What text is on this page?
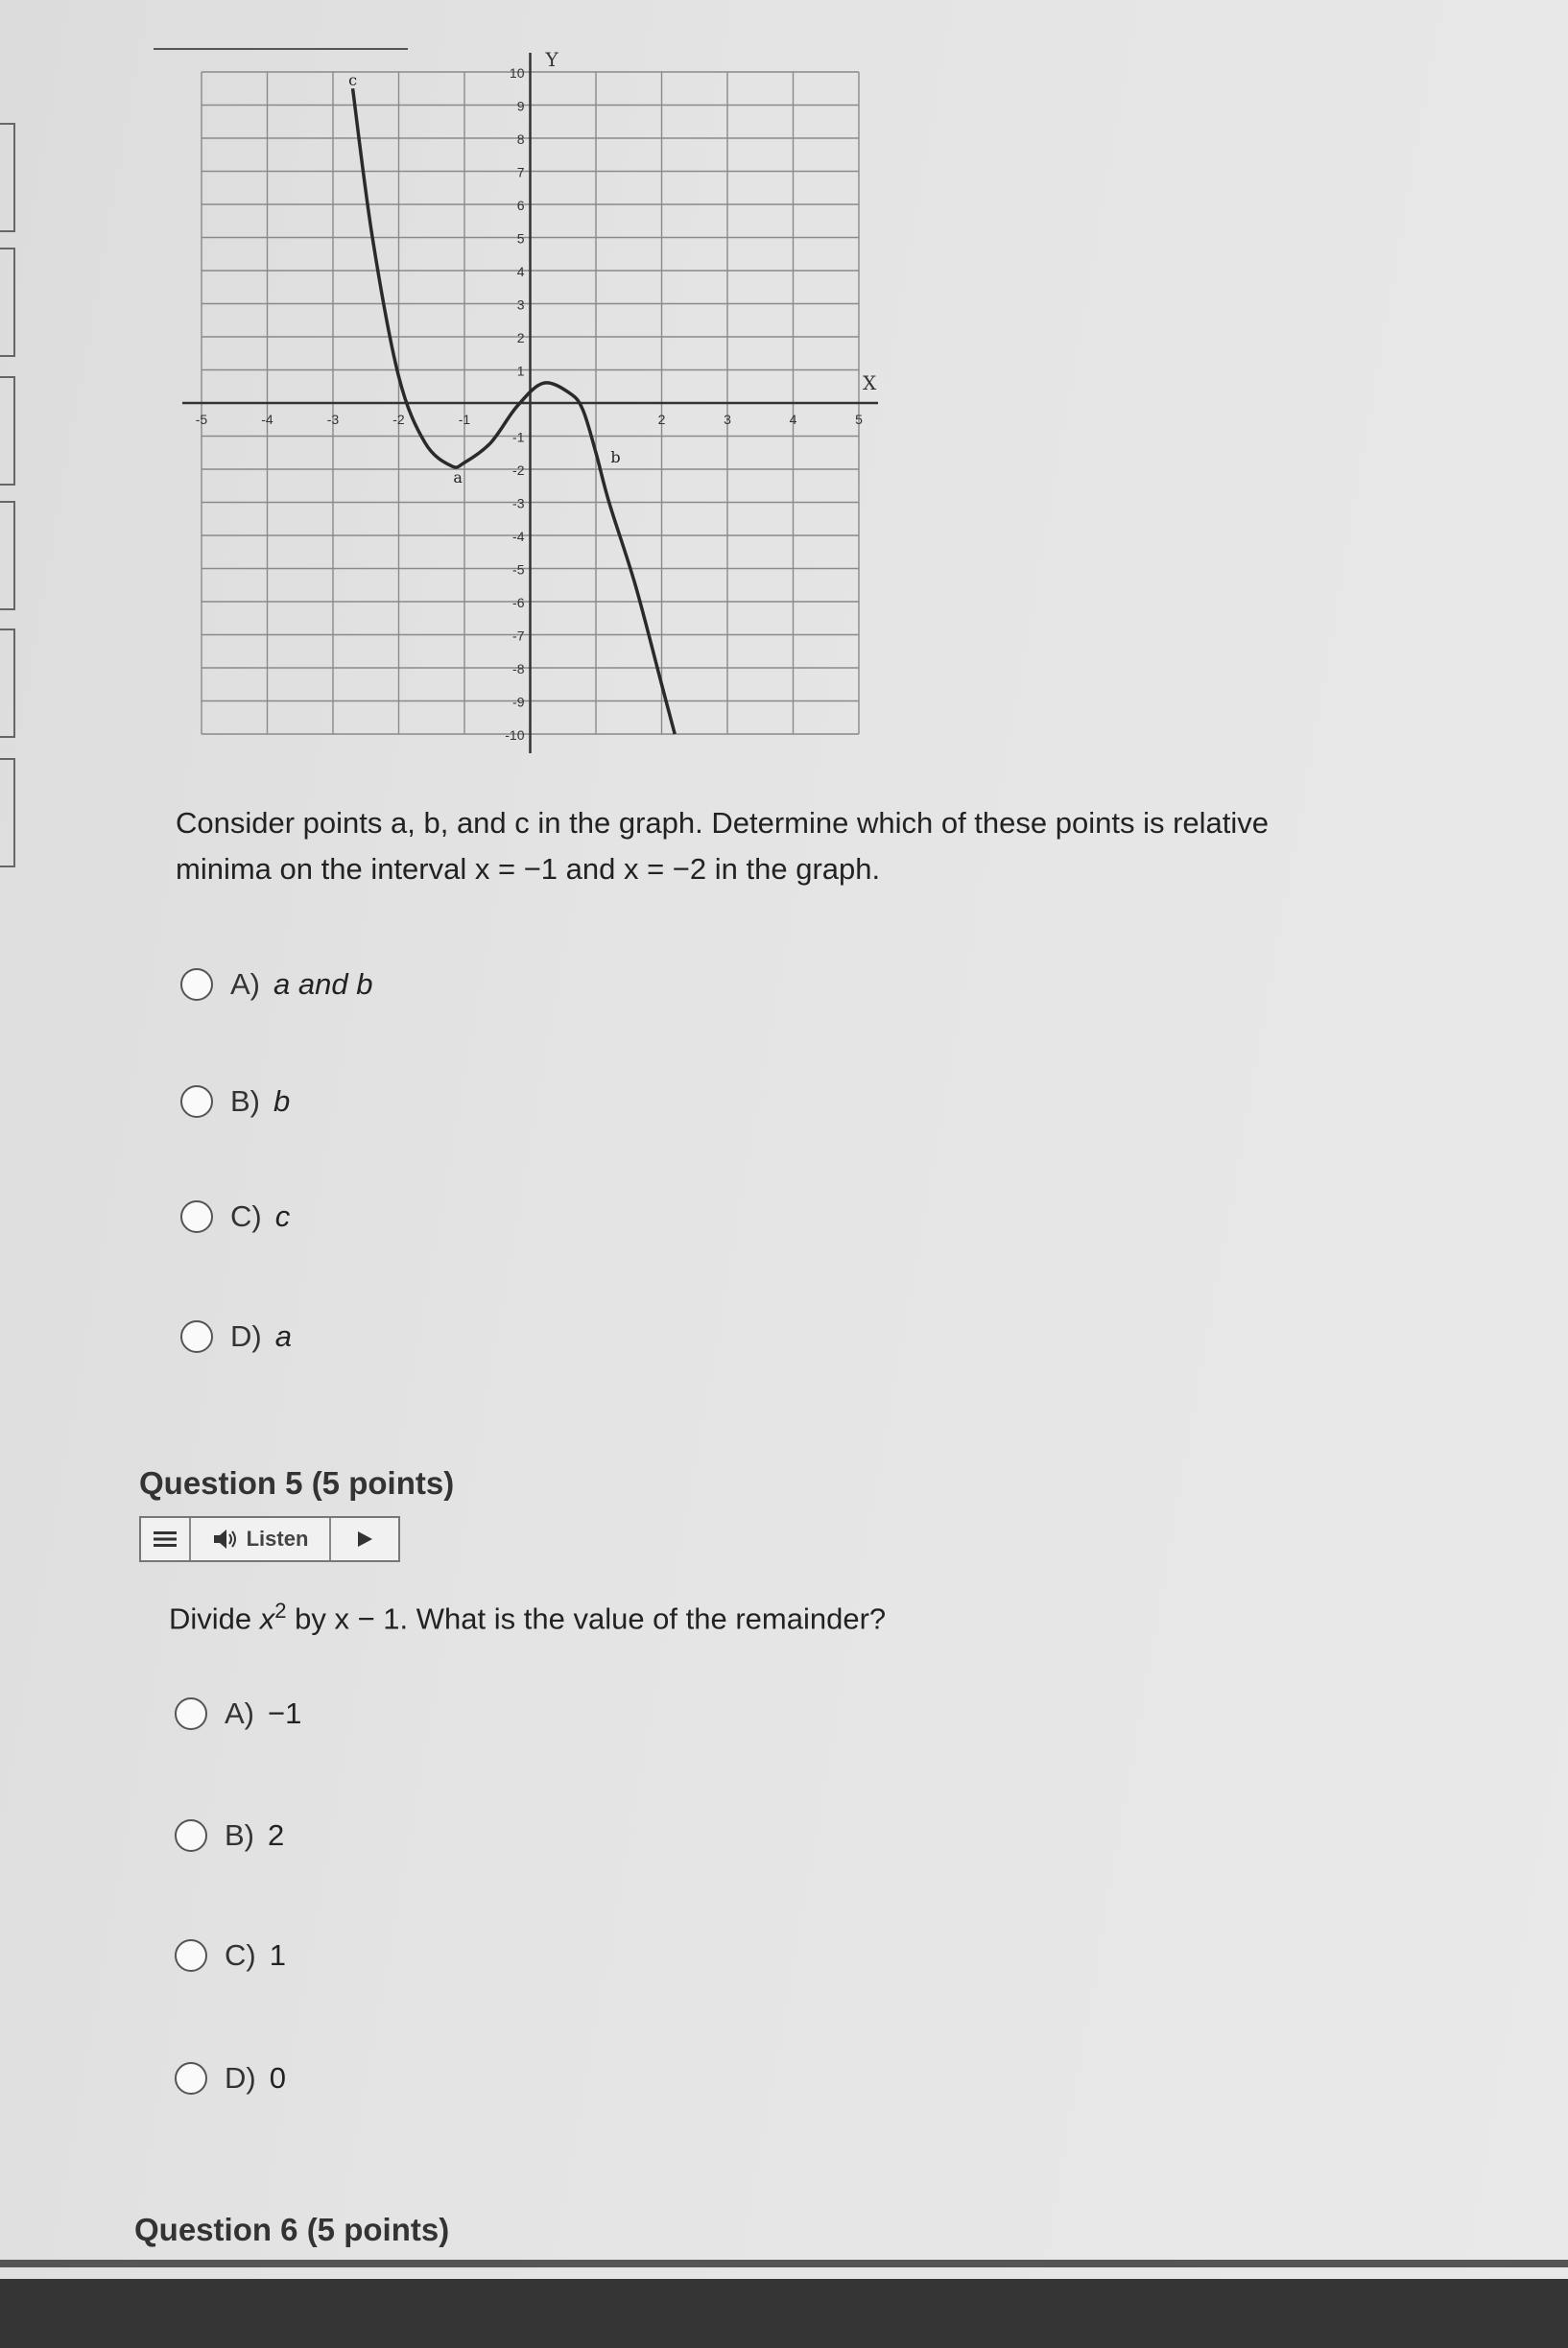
X
Y
-5	-4	-3	-2	-1	2	3	4	5
10
9
8
7
6
5
4
3
2
1
-1
-2
-3
-4
-5
-6
-7
-8
-9
-10
c
a
b
Consider points a, b, and c in the graph. Determine which of these points is relative
minima on the interval x = −1 and x = −2 in the graph.
A) a and b
B) b
C) c
D) a
Question 5 (5 points)
Listen
Divide $x^2$ by x − 1. What is the value of the remainder?
A) −1
B) 2
C) 1
D) 0
Question 6 (5 points)
